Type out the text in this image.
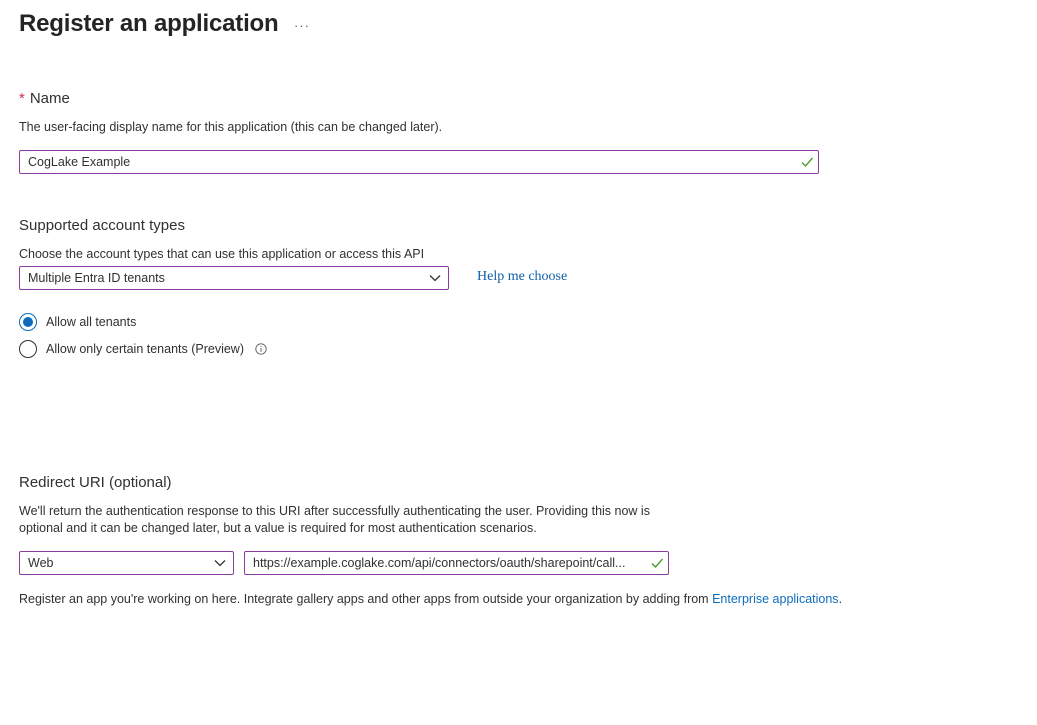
Register an application ···
* Name
The user-facing display name for this application (this can be changed later).
CogLake Example
Supported account types
Choose the account types that can use this application or access this API
Multiple Entra ID tenants	Help me choose
Allow all tenants
Allow only certain tenants (Preview)
Redirect URI (optional)
We'll return the authentication response to this URI after successfully authenticating the user. Providing this now is
optional and it can be changed later, but a value is required for most authentication scenarios.
Web	https://example.coglake.com/api/connectors/oauth/sharepoint/call...
Register an app you're working on here. Integrate gallery apps and other apps from outside your organization by adding from Enterprise applications.
